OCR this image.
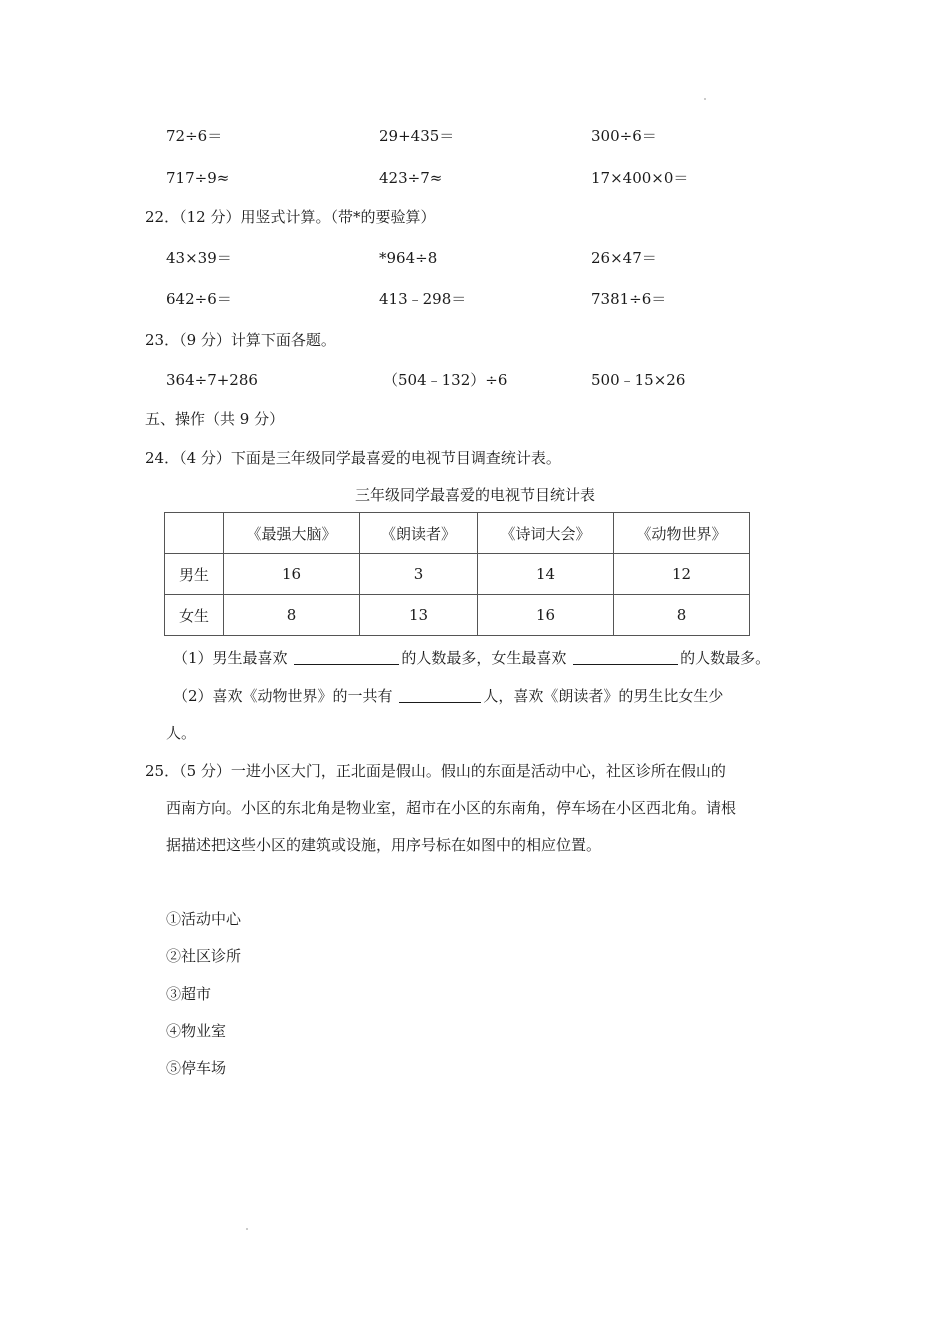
72÷6＝	29+435＝	300÷6＝
717÷9≈	423÷7≈	17×400×0＝
22．（12 分）用竖式计算。（带*的要验算）
43×39＝	*964÷8	26×47＝
642÷6＝	413﹣298＝	7381÷6＝
23．（9 分）计算下面各题。
364÷7+286	（504﹣132）÷6	500﹣15×26
五、操作（共 9 分）
24．（4 分）下面是三年级同学最喜爱的电视节目调查统计表。
三年级同学最喜爱的电视节目统计表
	《最强大脑》	《朗读者》	《诗词大会》	《动物世界》
男生	16	3	14	12
女生	8	13	16	8
（1）男生最喜欢	的人数最多，女生最喜欢	的人数最多。
（2）喜欢《动物世界》的一共有	人，喜欢《朗读者》的男生比女生少
人。
25．（5 分）一进小区大门，正北面是假山。假山的东面是活动中心，社区诊所在假山的
西南方向。小区的东北角是物业室，超市在小区的东南角，停车场在小区西北角。请根
据描述把这些小区的建筑或设施，用序号标在如图中的相应位置。
①活动中心
②社区诊所
③超市
④物业室
⑤停车场
